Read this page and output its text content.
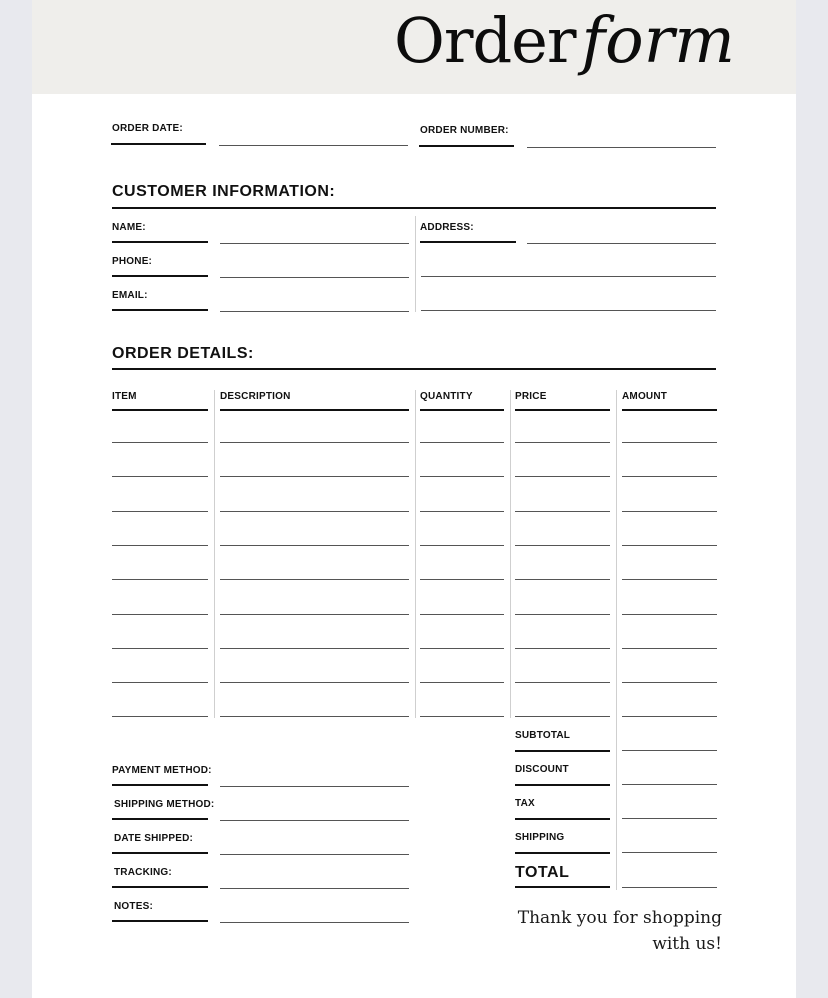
Orderform
ORDER DATE:	ORDER NUMBER:
CUSTOMER INFORMATION:
NAME:
PHONE:
EMAIL:
ADDRESS:
ORDER DETAILS:
ITEM	DESCRIPTION	QUANTITY	PRICE	AMOUNT
PAYMENT METHOD:
SHIPPING METHOD:
DATE SHIPPED:
TRACKING:
NOTES:
SUBTOTAL
DISCOUNT
TAX
SHIPPING
TOTAL
Thank you for shopping with us!
